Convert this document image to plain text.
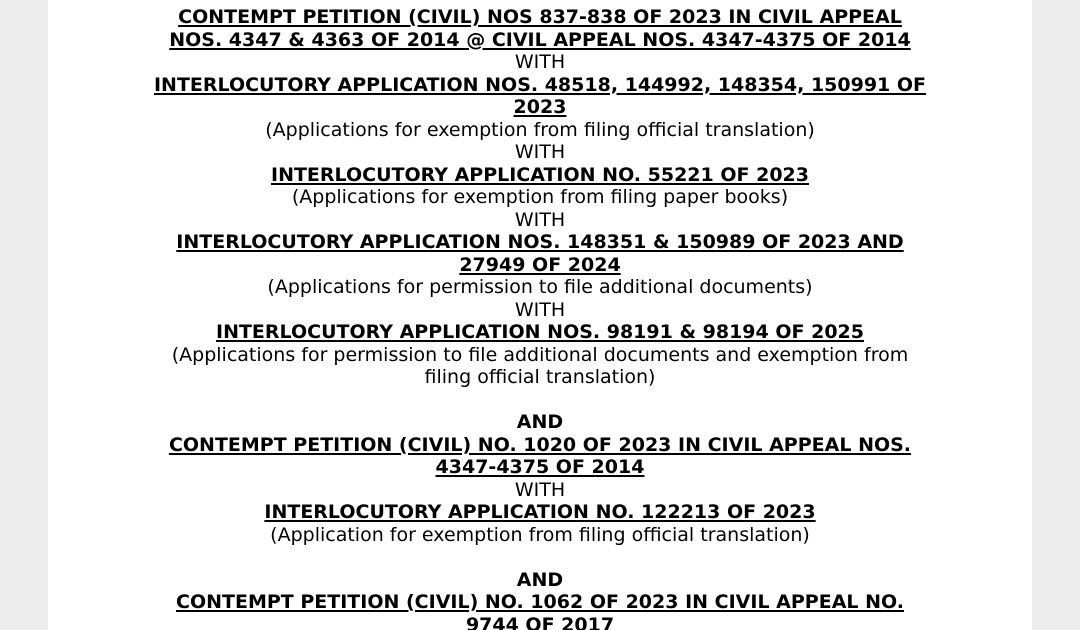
CONTEMPT PETITION (CIVIL) NOS 837-838 OF 2023 IN CIVIL APPEAL
NOS. 4347 & 4363 OF 2014 @ CIVIL APPEAL NOS. 4347-4375 OF 2014
WITH
INTERLOCUTORY APPLICATION NOS. 48518, 144992, 148354, 150991 OF
2023
(Applications for exemption from filing official translation)
WITH
INTERLOCUTORY APPLICATION NO. 55221 OF 2023
(Applications for exemption from filing paper books)
WITH
INTERLOCUTORY APPLICATION NOS. 148351 & 150989 OF 2023 AND
27949 OF 2024
(Applications for permission to file additional documents)
WITH
INTERLOCUTORY APPLICATION NOS. 98191 & 98194 OF 2025
(Applications for permission to file additional documents and exemption from
filing official translation)
AND
CONTEMPT PETITION (CIVIL) NO. 1020 OF 2023 IN CIVIL APPEAL NOS.
4347-4375 OF 2014
WITH
INTERLOCUTORY APPLICATION NO. 122213 OF 2023
(Application for exemption from filing official translation)
AND
CONTEMPT PETITION (CIVIL) NO. 1062 OF 2023 IN CIVIL APPEAL NO.
9744 OF 2017
